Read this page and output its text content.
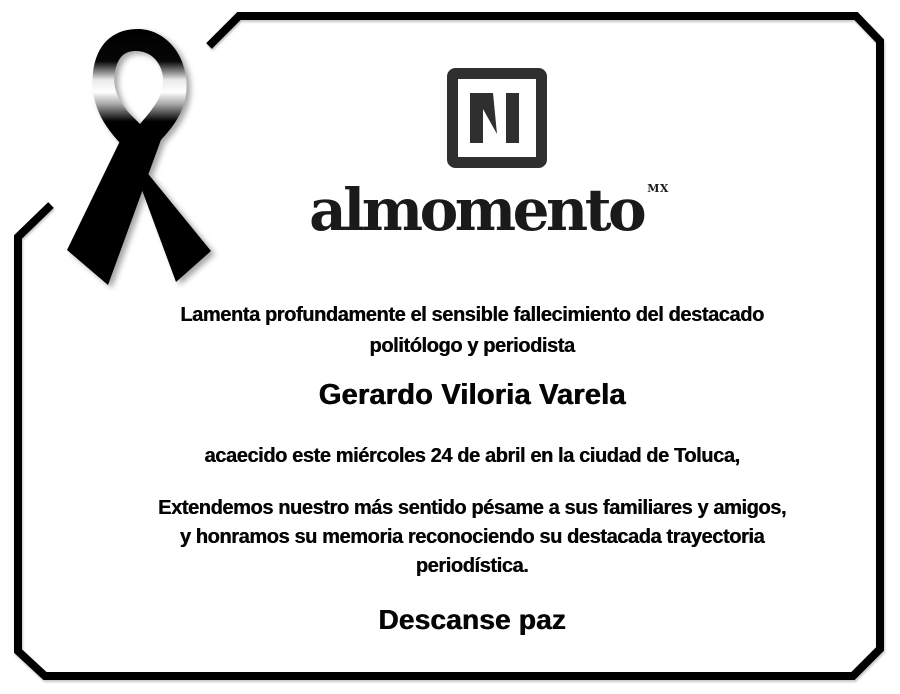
almomento MX
Lamenta profundamente el sensible fallecimiento del destacado
politólogo y periodista
Gerardo Viloria Varela
acaecido este miércoles 24 de abril en la ciudad de Toluca,
Extendemos nuestro más sentido pésame a sus familiares y amigos,
y honramos su memoria reconociendo su destacada trayectoria
periodística.
Descanse paz
